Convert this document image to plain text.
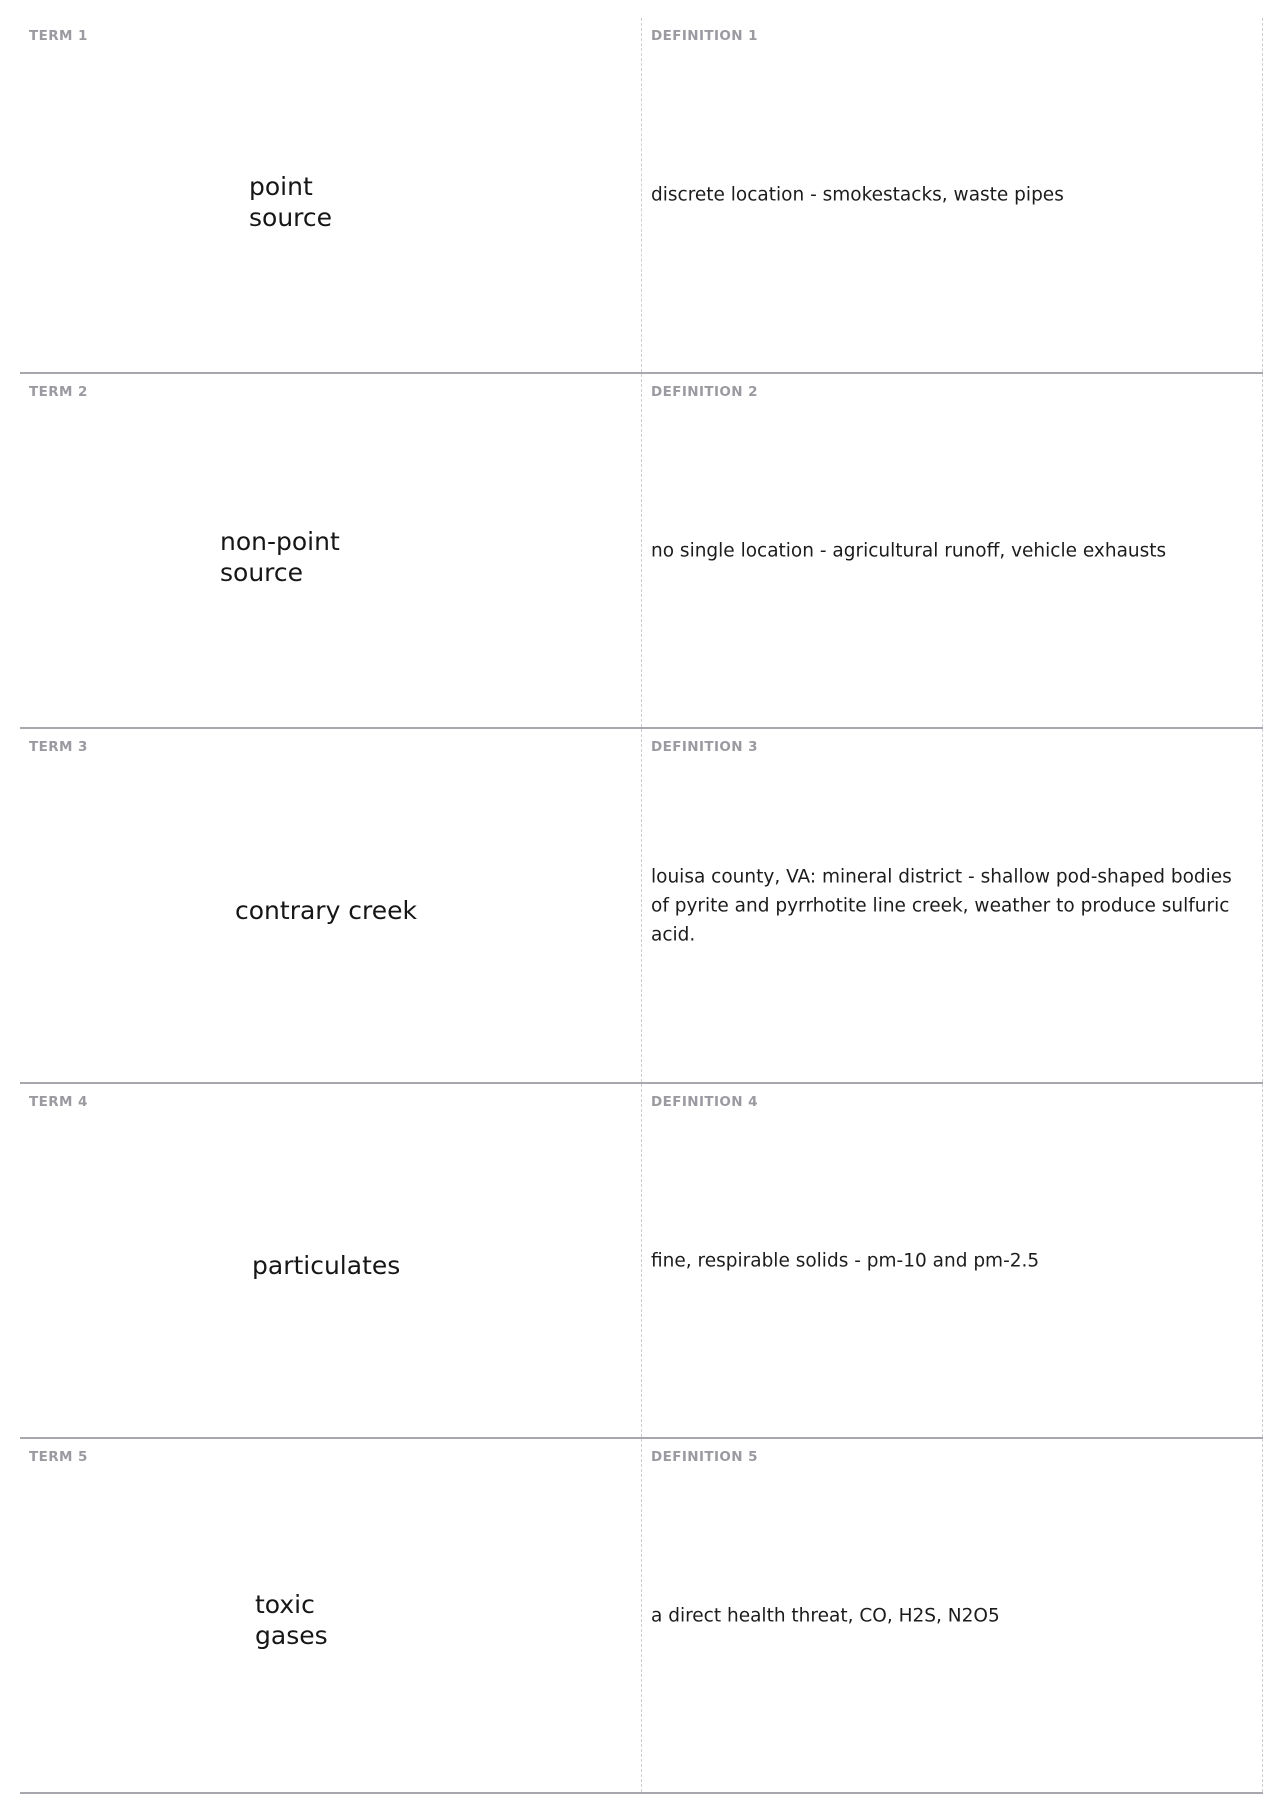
TERM 1
point
source
DEFINITION 1
discrete location - smokestacks, waste pipes
TERM 2
non-point
source
DEFINITION 2
no single location - agricultural runoff, vehicle exhausts
TERM 3
contrary creek
DEFINITION 3
louisa county, VA: mineral district - shallow pod-shaped bodies of pyrite and pyrrhotite line creek, weather to produce sulfuric acid.
TERM 4
particulates
DEFINITION 4
fine, respirable solids - pm-10 and pm-2.5
TERM 5
toxic
gases
DEFINITION 5
a direct health threat, CO, H2S, N2O5
